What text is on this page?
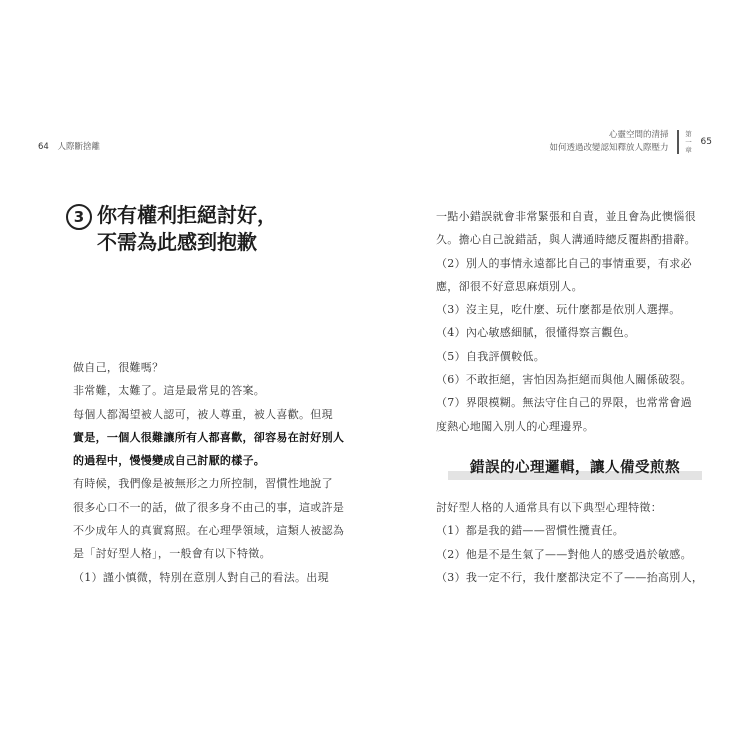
64 人際斷捨離
3 你有權利拒絕討好，
不需為此感到抱歉

做自己，很難嗎？

非常難，太難了。這是最常見的答案。

每個人都渴望被人認可，被人尊重，被人喜歡。但現

實是，一個人很難讓所有人都喜歡，卻容易在討好別人

的過程中，慢慢變成自己討厭的樣子。

有時候，我們像是被無形之力所控制，習慣性地說了

很多心口不一的話，做了很多身不由己的事，這或許是

不少成年人的真實寫照。在心理學領域，這類人被認為

是「討好型人格」，一般會有以下特徵。

（1）謹小慎微，特別在意別人對自己的看法。出現

心靈空間的清掃
如何透過改變認知釋放人際壓力
第
一
章
65

一點小錯誤就會非常緊張和自責，並且會為此懊惱很

久。擔心自己說錯話，與人溝通時總反覆斟酌措辭。

（2）別人的事情永遠都比自己的事情重要，有求必

應，卻很不好意思麻煩別人。

（3）沒主見，吃什麼、玩什麼都是依別人選擇。

（4）內心敏感細膩，很懂得察言觀色。

（5）自我評價較低。

（6）不敢拒絕，害怕因為拒絕而與他人關係破裂。

（7）界限模糊。無法守住自己的界限，也常常會過

度熱心地闖入別人的心理邊界。

錯誤的心理邏輯，讓人備受煎熬

討好型人格的人通常具有以下典型心理特徵：

（1）都是我的錯——習慣性攬責任。

（2）他是不是生氣了——對他人的感受過於敏感。

（3）我一定不行，我什麼都決定不了——抬高別人，
